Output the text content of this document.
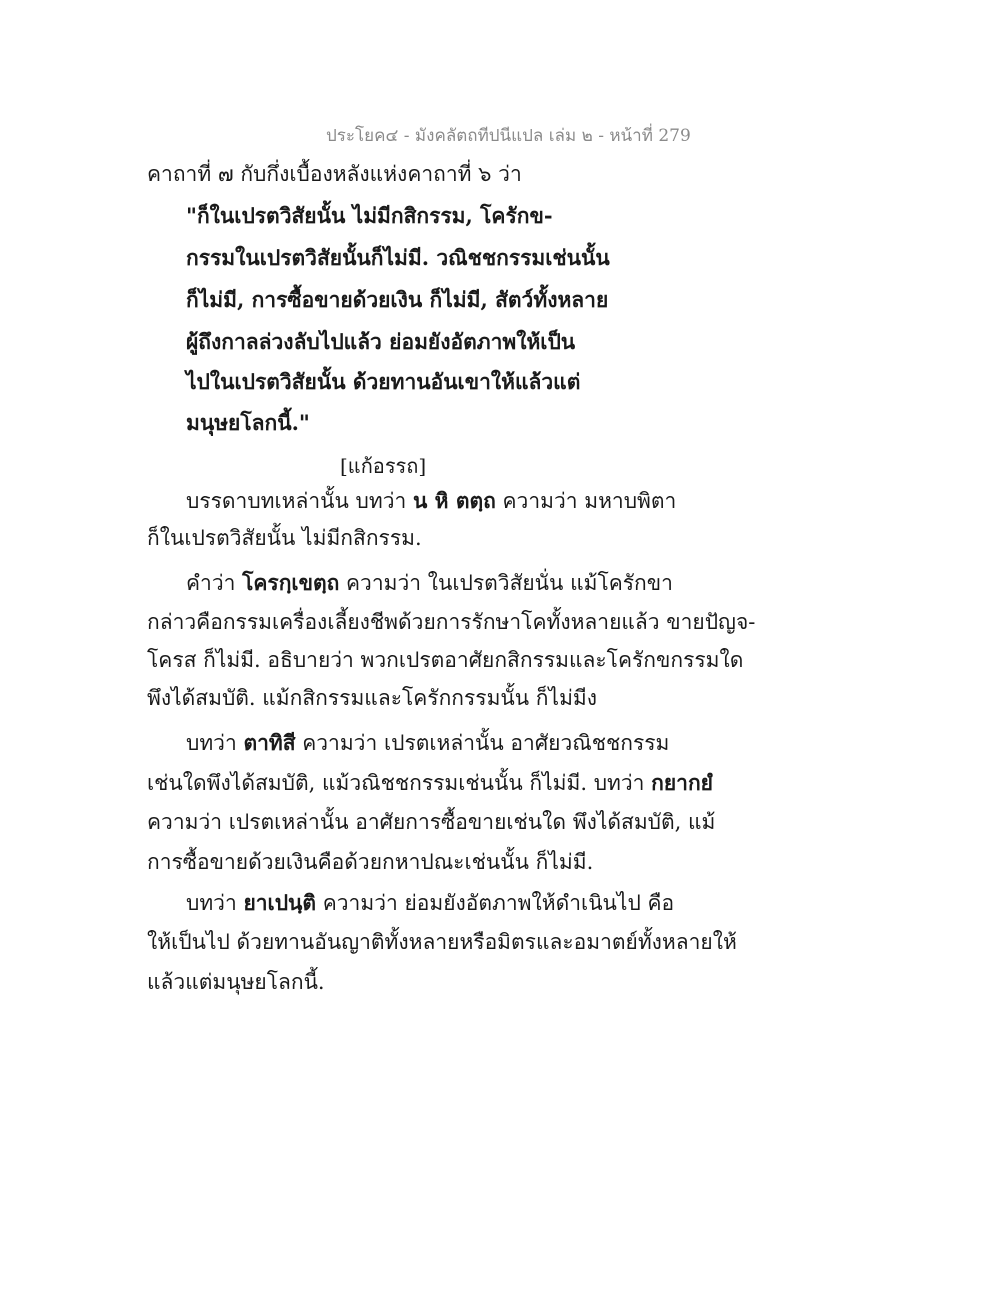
ประโยค๔ - มังคลัตถทีปนีแปล เล่ม ๒ - หน้าที่ 279
คาถาที่ ๗ กับกึ่งเบื้องหลังแห่งคาถาที่ ๖ ว่า
"ก็ในเปรตวิสัยนั้น ไม่มีกสิกรรม, โครักข-
กรรมในเปรตวิสัยนั้นก็ไม่มี. วณิชชกรรมเช่นนั้น
ก็ไม่มี, การซื้อขายด้วยเงิน ก็ไม่มี, สัตว์ทั้งหลาย
ผู้ถึงกาลล่วงลับไปแล้ว ย่อมยังอัตภาพให้เป็น
ไปในเปรตวิสัยนั้น ด้วยทานอันเขาให้แล้วแต่
มนุษยโลกนี้."
[แก้อรรถ]
บรรดาบทเหล่านั้น บทว่า น หิ ตตฺถ ความว่า มหาบพิตา
ก็ในเปรตวิสัยนั้น ไม่มีกสิกรรม.
คำว่า โครกฺเขตฺถ ความว่า ในเปรตวิสัยนั่น แม้โครักขา
กล่าวคือกรรมเครื่องเลี้ยงชีพด้วยการรักษาโคทั้งหลายแล้ว ขายปัญจ-
โครส ก็ไม่มี. อธิบายว่า พวกเปรตอาศัยกสิกรรมและโครักขกรรมใด
พึงได้สมบัติ. แม้กสิกรรมและโครักกรรมนั้น ก็ไม่มีง
บทว่า ตาทิสี ความว่า เปรตเหล่านั้น อาศัยวณิชชกรรม
เช่นใดพึงได้สมบัติ, แม้วณิชชกรรมเช่นนั้น ก็ไม่มี. บทว่า กยากยํ
ความว่า เปรตเหล่านั้น อาศัยการซื้อขายเช่นใด พึงได้สมบัติ, แม้
การซื้อขายด้วยเงินคือด้วยกหาปณะเช่นนั้น ก็ไม่มี.
บทว่า ยาเปนฺติ ความว่า ย่อมยังอัตภาพให้ดำเนินไป คือ
ให้เป็นไป ด้วยทานอันญาติทั้งหลายหรือมิตรและอมาตย์ทั้งหลายให้
แล้วแต่มนุษยโลกนี้.
